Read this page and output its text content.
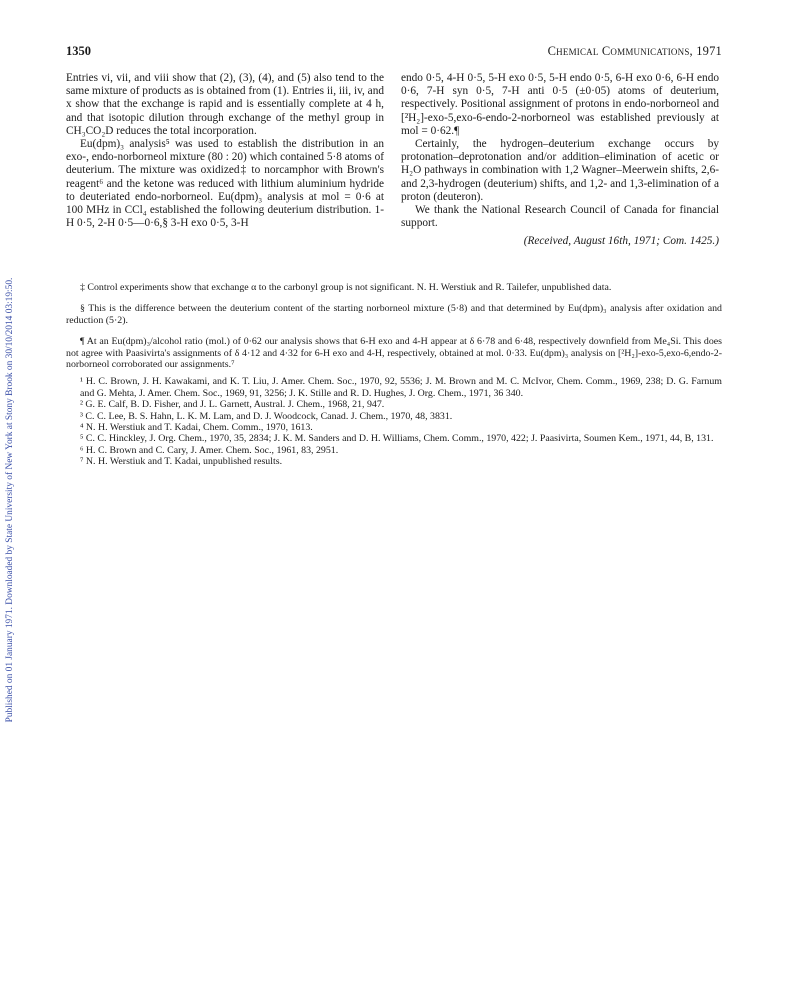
Published on 01 January 1971. Downloaded by State University of New York at Stony Brook on 30/10/2014 03:19:50.
1350	Chemical Communications, 1971

Entries vi, vii, and viii show that (2), (3), (4), and (5) also tend to the same mixture of products as is obtained from (1). Entries ii, iii, iv, and x show that the exchange is rapid and is essentially complete at 4 h, and that isotopic dilution through exchange of the methyl group in CH₃CO₂D reduces the total incorporation.

Eu(dpm)₃ analysis⁵ was used to establish the distribution in an exo-, endo-norborneol mixture (80 : 20) which contained 5·8 atoms of deuterium. The mixture was oxidized‡ to norcamphor with Brown's reagent⁶ and the ketone was reduced with lithium aluminium hydride to deuteriated endo-norborneol. Eu(dpm)₃ analysis at mol = 0·6 at 100 MHz in CCl₄ established the following deuterium distribution. 1-H 0·5, 2-H 0·5—0·6,§ 3-H exo 0·5, 3-H

endo 0·5, 4-H 0·5, 5-H exo 0·5, 5-H endo 0·5, 6-H exo 0·6, 6-H endo 0·6, 7-H syn 0·5, 7-H anti 0·5 (±0·05) atoms of deuterium, respectively. Positional assignment of protons in endo-norborneol and [²H₂]-exo-5,exo-6-endo-2-norborneol was established previously at mol = 0·62.¶

Certainly, the hydrogen–deuterium exchange occurs by protonation–deprotonation and/or addition–elimination of acetic or H₂O pathways in combination with 1,2 Wagner–Meerwein shifts, 2,6- and 2,3-hydrogen (deuterium) shifts, and 1,2- and 1,3-elimination of a proton (deuteron).

We thank the National Research Council of Canada for financial support.

(Received, August 16th, 1971; Com. 1425.)

‡ Control experiments show that exchange α to the carbonyl group is not significant. N. H. Werstiuk and R. Tailefer, unpublished data.

§ This is the difference between the deuterium content of the starting norborneol mixture (5·8) and that determined by Eu(dpm)₃ analysis after oxidation and reduction (5·2).

¶ At an Eu(dpm)₃/alcohol ratio (mol.) of 0·62 our analysis shows that 6-H exo and 4-H appear at δ 6·78 and 6·48, respectively downfield from Me₄Si. This does not agree with Paasivirta's assignments of δ 4·12 and 4·32 for 6-H exo and 4-H, respectively, obtained at mol. 0·33. Eu(dpm)₃ analysis on [²H₂]-exo-5,exo-6,endo-2-norborneol corroborated our assignments.⁷

¹ H. C. Brown, J. H. Kawakami, and K. T. Liu, J. Amer. Chem. Soc., 1970, 92, 5536; J. M. Brown and M. C. McIvor, Chem. Comm., 1969, 238; D. G. Farnum and G. Mehta, J. Amer. Chem. Soc., 1969, 91, 3256; J. K. Stille and R. D. Hughes, J. Org. Chem., 1971, 36 340.

² G. E. Calf, B. D. Fisher, and J. L. Garnett, Austral. J. Chem., 1968, 21, 947.

³ C. C. Lee, B. S. Hahn, L. K. M. Lam, and D. J. Woodcock, Canad. J. Chem., 1970, 48, 3831.

⁴ N. H. Werstiuk and T. Kadai, Chem. Comm., 1970, 1613.

⁵ C. C. Hinckley, J. Org. Chem., 1970, 35, 2834; J. K. M. Sanders and D. H. Williams, Chem. Comm., 1970, 422; J. Paasivirta, Soumen Kem., 1971, 44, B, 131.

⁶ H. C. Brown and C. Cary, J. Amer. Chem. Soc., 1961, 83, 2951.

⁷ N. H. Werstiuk and T. Kadai, unpublished results.
